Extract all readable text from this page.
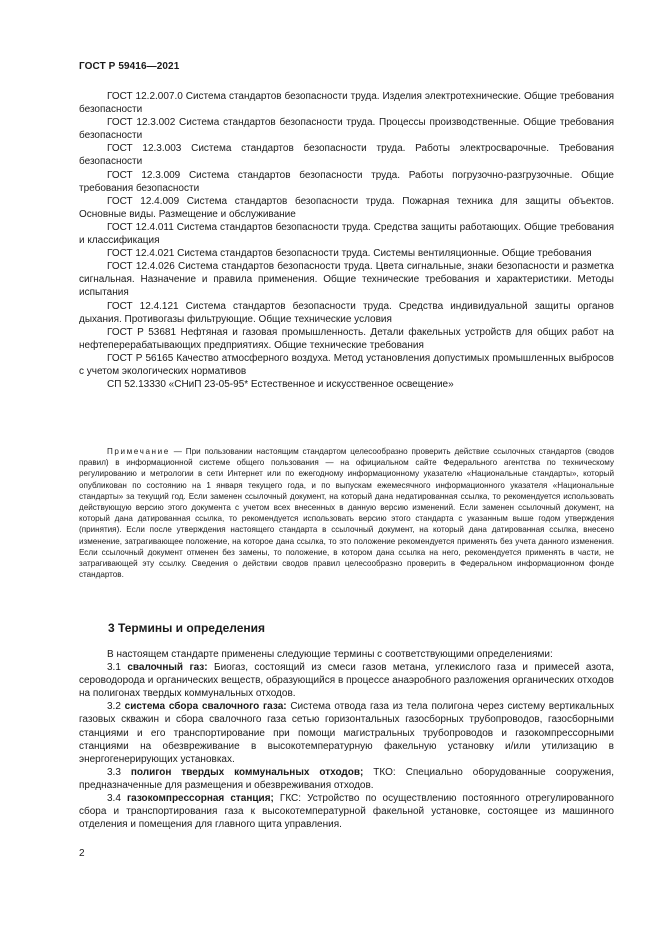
ГОСТ Р 59416—2021

ГОСТ 12.2.007.0 Система стандартов безопасности труда. Изделия электротехнические. Общие требования безопасности

ГОСТ 12.3.002 Система стандартов безопасности труда. Процессы производственные. Общие требования безопасности

ГОСТ 12.3.003 Система стандартов безопасности труда. Работы электросварочные. Требования безопасности

ГОСТ 12.3.009 Система стандартов безопасности труда. Работы погрузочно-разгрузочные. Общие требования безопасности

ГОСТ 12.4.009 Система стандартов безопасности труда. Пожарная техника для защиты объектов. Основные виды. Размещение и обслуживание

ГОСТ 12.4.011 Система стандартов безопасности труда. Средства защиты работающих. Общие требования и классификация

ГОСТ 12.4.021 Система стандартов безопасности труда. Системы вентиляционные. Общие требования

ГОСТ 12.4.026 Система стандартов безопасности труда. Цвета сигнальные, знаки безопасности и разметка сигнальная. Назначение и правила применения. Общие технические требования и характеристики. Методы испытания

ГОСТ 12.4.121 Система стандартов безопасности труда. Средства индивидуальной защиты органов дыхания. Противогазы фильтрующие. Общие технические условия

ГОСТ Р 53681 Нефтяная и газовая промышленность. Детали факельных устройств для общих работ на нефтеперерабатывающих предприятиях. Общие технические требования

ГОСТ Р 56165 Качество атмосферного воздуха. Метод установления допустимых промышленных выбросов с учетом экологических нормативов

СП 52.13330 «СНиП 23-05-95* Естественное и искусственное освещение»

Примечание — При пользовании настоящим стандартом целесообразно проверить действие ссылочных стандартов (сводов правил) в информационной системе общего пользования — на официальном сайте Федерального агентства по техническому регулированию и метрологии в сети Интернет или по ежегодному информационному указателю «Национальные стандарты», который опубликован по состоянию на 1 января текущего года, и по выпускам ежемесячного информационного указателя «Национальные стандарты» за текущий год. Если заменен ссылочный документ, на который дана недатированная ссылка, то рекомендуется использовать действующую версию этого документа с учетом всех внесенных в данную версию изменений. Если заменен ссылочный документ, на который дана датированная ссылка, то рекомендуется использовать версию этого стандарта с указанным выше годом утверждения (принятия). Если после утверждения настоящего стандарта в ссылочный документ, на который дана датированная ссылка, внесено изменение, затрагивающее положение, на которое дана ссылка, то это положение рекомендуется применять без учета данного изменения. Если ссылочный документ отменен без замены, то положение, в котором дана ссылка на него, рекомендуется применять в части, не затрагивающей эту ссылку. Сведения о действии сводов правил целесообразно проверить в Федеральном информационном фонде стандартов.

3 Термины и определения

В настоящем стандарте применены следующие термины с соответствующими определениями:

3.1 свалочный газ: Биогаз, состоящий из смеси газов метана, углекислого газа и примесей азота, сероводорода и органических веществ, образующийся в процессе анаэробного разложения органических отходов на полигонах твердых коммунальных отходов.

3.2 система сбора свалочного газа: Система отвода газа из тела полигона через систему вертикальных газовых скважин и сбора свалочного газа сетью горизонтальных газосборных трубопроводов, газосборными станциями и его транспортирование при помощи магистральных трубопроводов и газокомпрессорными станциями на обезвреживание в высокотемпературную факельную установку и/или утилизацию в энергогенерирующих установках.

3.3 полигон твердых коммунальных отходов; ТКО: Специально оборудованные сооружения, предназначенные для размещения и обезвреживания отходов.

3.4 газокомпрессорная станция; ГКС: Устройство по осуществлению постоянного отрегулированного сбора и транспортирования газа к высокотемпературной факельной установке, состоящее из машинного отделения и помещения для главного щита управления.

2
